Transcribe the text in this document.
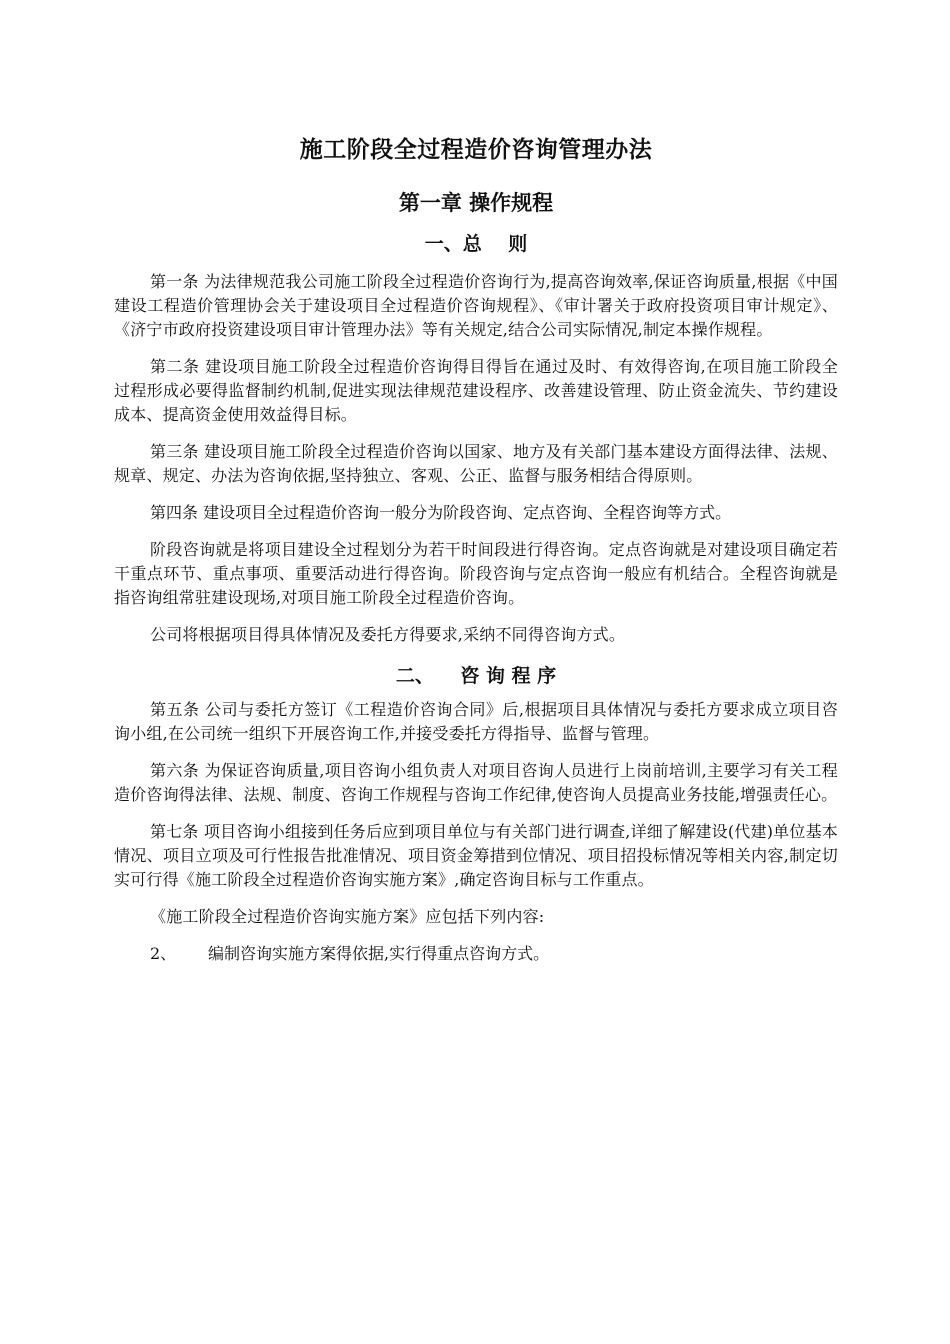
施工阶段全过程造价咨询管理办法
第一章 操作规程
一、总    则

第一条 为法律规范我公司施工阶段全过程造价咨询行为,提高咨询效率,保证咨询质量,根据《中国建设工程造价管理协会关于建设项目全过程造价咨询规程》、《审计署关于政府投资项目审计规定》、《济宁市政府投资建设项目审计管理办法》等有关规定,结合公司实际情况,制定本操作规程。

第二条 建设项目施工阶段全过程造价咨询得目得旨在通过及时、有效得咨询,在项目施工阶段全过程形成必要得监督制约机制,促进实现法律规范建设程序、改善建设管理、防止资金流失、节约建设成本、提高资金使用效益得目标。

第三条 建设项目施工阶段全过程造价咨询以国家、地方及有关部门基本建设方面得法律、法规、规章、规定、办法为咨询依据,坚持独立、客观、公正、监督与服务相结合得原则。

第四条 建设项目全过程造价咨询一般分为阶段咨询、定点咨询、全程咨询等方式。

阶段咨询就是将项目建设全过程划分为若干时间段进行得咨询。定点咨询就是对建设项目确定若干重点环节、重点事项、重要活动进行得咨询。阶段咨询与定点咨询一般应有机结合。全程咨询就是指咨询组常驻建设现场,对项目施工阶段全过程造价咨询。

公司将根据项目得具体情况及委托方得要求,采纳不同得咨询方式。

二、    咨 询 程 序

第五条 公司与委托方签订《工程造价咨询合同》后,根据项目具体情况与委托方要求成立项目咨询小组,在公司统一组织下开展咨询工作,并接受委托方得指导、监督与管理。

第六条 为保证咨询质量,项目咨询小组负责人对项目咨询人员进行上岗前培训,主要学习有关工程造价咨询得法律、法规、制度、咨询工作规程与咨询工作纪律,使咨询人员提高业务技能,增强责任心。

第七条 项目咨询小组接到任务后应到项目单位与有关部门进行调查,详细了解建设(代建)单位基本情况、项目立项及可行性报告批准情况、项目资金筹措到位情况、项目招投标情况等相关内容,制定切实可行得《施工阶段全过程造价咨询实施方案》,确定咨询目标与工作重点。

《施工阶段全过程造价咨询实施方案》应包括下列内容:

2、 编制咨询实施方案得依据,实行得重点咨询方式。
